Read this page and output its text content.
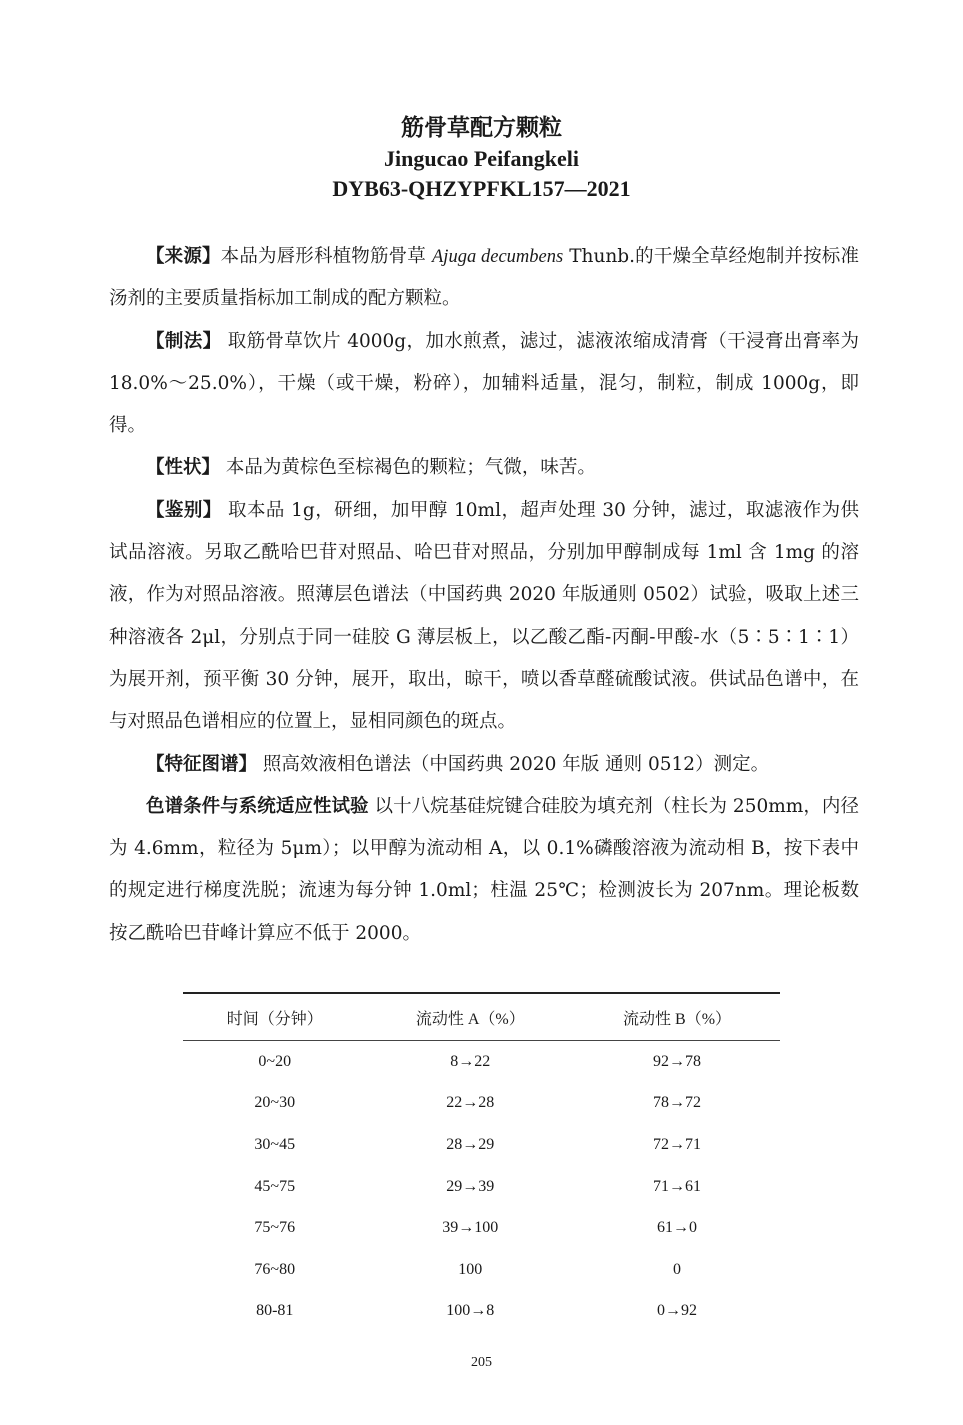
筋骨草配方颗粒
Jingucao Peifangkeli
DYB63-QHZYPFKL157—2021

【来源】本品为唇形科植物筋骨草 Ajuga decumbens Thunb.的干燥全草经炮制并按标准汤剂的主要质量指标加工制成的配方颗粒。

【制法】 取筋骨草饮片 4000g，加水煎煮，滤过，滤液浓缩成清膏（干浸膏出膏率为 18.0%～25.0%），干燥（或干燥，粉碎），加辅料适量，混匀，制粒，制成 1000g，即得。

【性状】 本品为黄棕色至棕褐色的颗粒；气微，味苦。

【鉴别】 取本品 1g，研细，加甲醇 10ml，超声处理 30 分钟，滤过，取滤液作为供试品溶液。另取乙酰哈巴苷对照品、哈巴苷对照品，分别加甲醇制成每 1ml 含 1mg 的溶液，作为对照品溶液。照薄层色谱法（中国药典 2020 年版通则 0502）试验，吸取上述三种溶液各 2μl，分别点于同一硅胶 G 薄层板上，以乙酸乙酯-丙酮-甲酸-水（5∶5∶1∶1）为展开剂，预平衡 30 分钟，展开，取出，晾干，喷以香草醛硫酸试液。供试品色谱中，在与对照品色谱相应的位置上，显相同颜色的斑点。

【特征图谱】 照高效液相色谱法（中国药典 2020 年版 通则 0512）测定。

色谱条件与系统适应性试验 以十八烷基硅烷键合硅胶为填充剂（柱长为 250mm，内径为 4.6mm，粒径为 5μm）；以甲醇为流动相 A，以 0.1%磷酸溶液为流动相 B，按下表中的规定进行梯度洗脱；流速为每分钟 1.0ml；柱温 25℃；检测波长为 207nm。理论板数按乙酰哈巴苷峰计算应不低于 2000。

时间（分钟）	流动性 A（%）	流动性 B（%）
0~20	8→22	92→78
20~30	22→28	78→72
30~45	28→29	72→71
45~75	29→39	71→61
75~76	39→100	61→0
76~80	100	0
80-81	100→8	0→92
205
